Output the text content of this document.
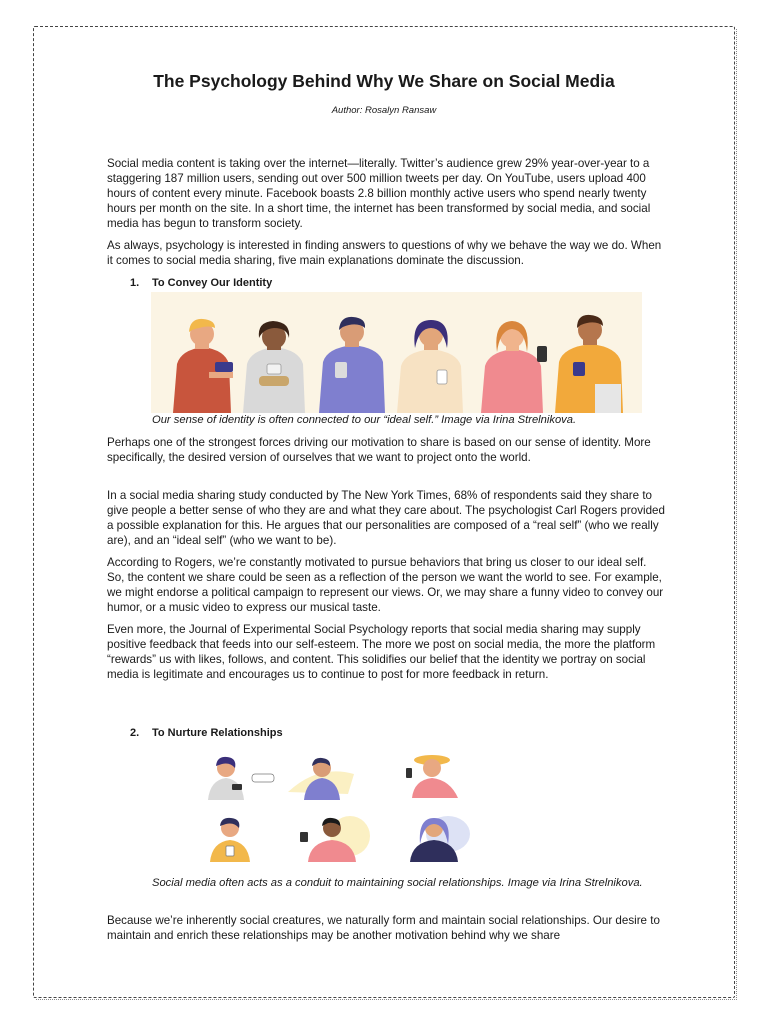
The Psychology Behind Why We Share on Social Media
Author: Rosalyn Ransaw

Social media content is taking over the internet—literally. Twitter’s audience grew 29% year-over-year to a staggering 187 million users, sending out over 500 million tweets per day. On YouTube, users upload 400 hours of content every minute. Facebook boasts 2.8 billion monthly active users who spend nearly twenty hours per month on the site. In a short time, the internet has been transformed by social media, and social media has begun to transform society.

As always, psychology is interested in finding answers to questions of why we behave the way we do. When it comes to social media sharing, five main explanations dominate the discussion.

1. To Convey Our Identity
Our sense of identity is often connected to our “ideal self.” Image via Irina Strelnikova.

Perhaps one of the strongest forces driving our motivation to share is based on our sense of identity. More specifically, the desired version of ourselves that we want to project onto the world.

In a social media sharing study conducted by The New York Times, 68% of respondents said they share to give people a better sense of who they are and what they care about. The psychologist Carl Rogers provided a possible explanation for this. He argues that our personalities are composed of a “real self” (who we really are), and an “ideal self” (who we want to be).

According to Rogers, we’re constantly motivated to pursue behaviors that bring us closer to our ideal self. So, the content we share could be seen as a reflection of the person we want the world to see. For example, we might endorse a political campaign to represent our views. Or, we may share a funny video to convey our humor, or a music video to express our musical taste.

Even more, the Journal of Experimental Social Psychology reports that social media sharing may supply positive feedback that feeds into our self-esteem. The more we post on social media, the more the platform “rewards” us with likes, follows, and content. This solidifies our belief that the identity we portray on social media is legitimate and encourages us to continue to post for more feedback in return.

2. To Nurture Relationships
Social media often acts as a conduit to maintaining social relationships. Image via Irina Strelnikova.

Because we’re inherently social creatures, we naturally form and maintain social relationships. Our desire to maintain and enrich these relationships may be another motivation behind why we share
